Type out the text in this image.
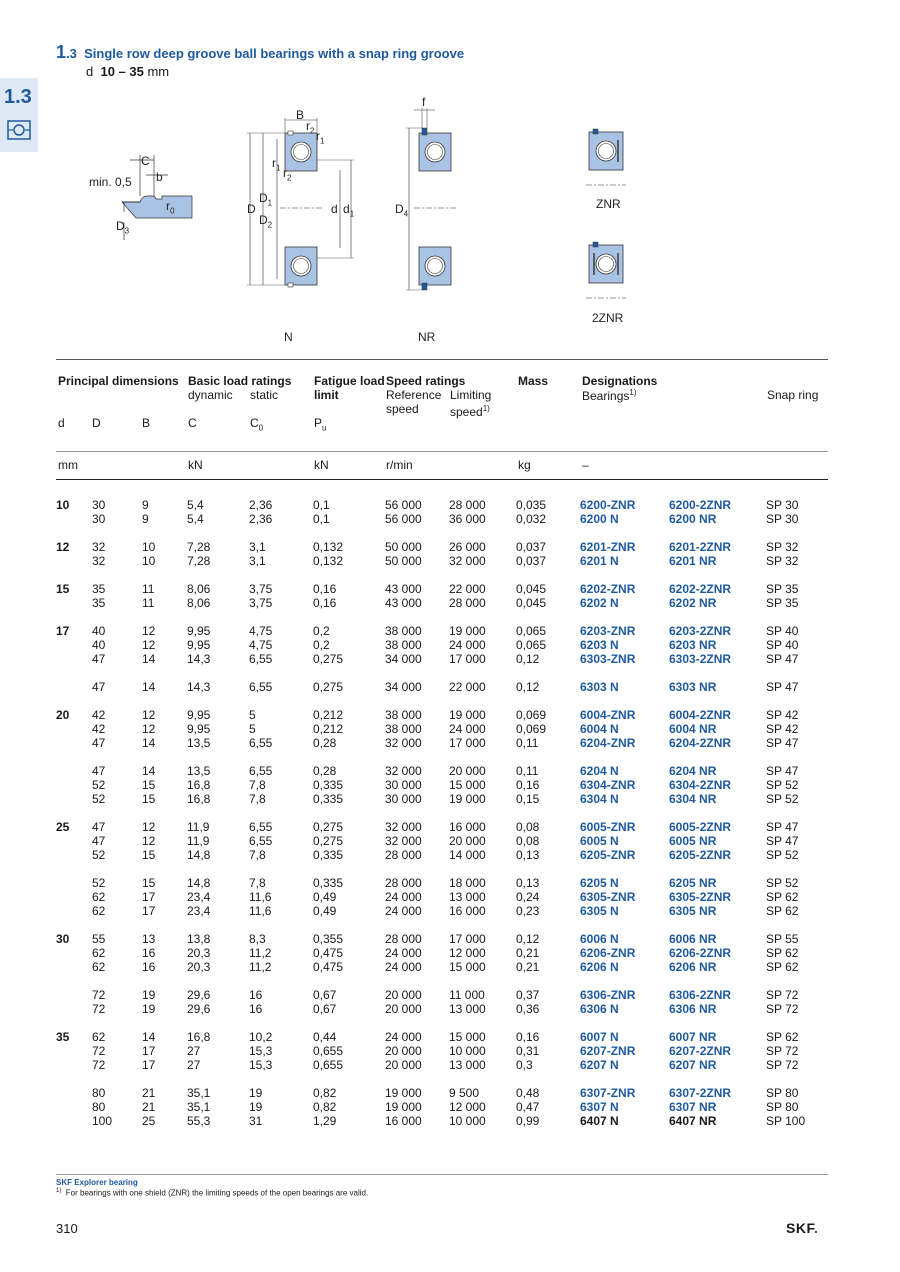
1.3 Single row deep groove ball bearings with a snap ring groove
d 10 – 35 mm
1.3
C
b
min. 0,5
$r_0$
$D_3$
B
$r_2$ $r_1$
$r_1$ $r_2$
D
$D_1$
$D_2$
d $d_1$
N
f
$D_4$
NR
ZNR
2ZNR
Principal dimensions Basic load ratings
dynamic static
Fatigue load
limit
Speed ratings
Reference
speed
Limiting
speed$^{1)}$
Mass	Designations
Bearings$^{1)}$	Snap ring
d D	B	C	$C_0$	$P_u$
mm	kN	kN	r/min	kg	–
10	30	9	5,4	2,36	0,1	56 000	28 000	0,035	6200-ZNR	6200-2ZNR	SP 30
	30	9	5,4	2,36	0,1	56 000	36 000	0,032	6200 N	6200 NR	SP 30

12	32	10	7,28	3,1	0,132	50 000	26 000	0,037	6201-ZNR	6201-2ZNR	SP 32
	32	10	7,28	3,1	0,132	50 000	32 000	0,037	6201 N	6201 NR	SP 32

15	35	11	8,06	3,75	0,16	43 000	22 000	0,045	6202-ZNR	6202-2ZNR	SP 35
	35	11	8,06	3,75	0,16	43 000	28 000	0,045	6202 N	6202 NR	SP 35

17	40	12	9,95	4,75	0,2	38 000	19 000	0,065	6203-ZNR	6203-2ZNR	SP 40
	40	12	9,95	4,75	0,2	38 000	24 000	0,065	6203 N	6203 NR	SP 40
	47	14	14,3	6,55	0,275	34 000	17 000	0,12	6303-ZNR	6303-2ZNR	SP 47

	47	14	14,3	6,55	0,275	34 000	22 000	0,12	6303 N	6303 NR	SP 47

20	42	12	9,95	5	0,212	38 000	19 000	0,069	6004-ZNR	6004-2ZNR	SP 42
	42	12	9,95	5	0,212	38 000	24 000	0,069	6004 N	6004 NR	SP 42
	47	14	13,5	6,55	0,28	32 000	17 000	0,11	6204-ZNR	6204-2ZNR	SP 47

	47	14	13,5	6,55	0,28	32 000	20 000	0,11	6204 N	6204 NR	SP 47
	52	15	16,8	7,8	0,335	30 000	15 000	0,16	6304-ZNR	6304-2ZNR	SP 52
	52	15	16,8	7,8	0,335	30 000	19 000	0,15	6304 N	6304 NR	SP 52

25	47	12	11,9	6,55	0,275	32 000	16 000	0,08	6005-ZNR	6005-2ZNR	SP 47
	47	12	11,9	6,55	0,275	32 000	20 000	0,08	6005 N	6005 NR	SP 47
	52	15	14,8	7,8	0,335	28 000	14 000	0,13	6205-ZNR	6205-2ZNR	SP 52

	52	15	14,8	7,8	0,335	28 000	18 000	0,13	6205 N	6205 NR	SP 52
	62	17	23,4	11,6	0,49	24 000	13 000	0,24	6305-ZNR	6305-2ZNR	SP 62
	62	17	23,4	11,6	0,49	24 000	16 000	0,23	6305 N	6305 NR	SP 62

30	55	13	13,8	8,3	0,355	28 000	17 000	0,12	6006 N	6006 NR	SP 55
	62	16	20,3	11,2	0,475	24 000	12 000	0,21	6206-ZNR	6206-2ZNR	SP 62
	62	16	20,3	11,2	0,475	24 000	15 000	0,21	6206 N	6206 NR	SP 62

	72	19	29,6	16	0,67	20 000	11 000	0,37	6306-ZNR	6306-2ZNR	SP 72
	72	19	29,6	16	0,67	20 000	13 000	0,36	6306 N	6306 NR	SP 72

35	62	14	16,8	10,2	0,44	24 000	15 000	0,16	6007 N	6007 NR	SP 62
	72	17	27	15,3	0,655	20 000	10 000	0,31	6207-ZNR	6207-2ZNR	SP 72
	72	17	27	15,3	0,655	20 000	13 000	0,3	6207 N	6207 NR	SP 72

	80	21	35,1	19	0,82	19 000	9 500	0,48	6307-ZNR	6307-2ZNR	SP 80
	80	21	35,1	19	0,82	19 000	12 000	0,47	6307 N	6307 NR	SP 80
	100	25	55,3	31	1,29	16 000	10 000	0,99	6407 N	6407 NR	SP 100
SKF Explorer bearing
$^{1)}$ For bearings with one shield (ZNR) the limiting speeds of the open bearings are valid.
310	SKF.
